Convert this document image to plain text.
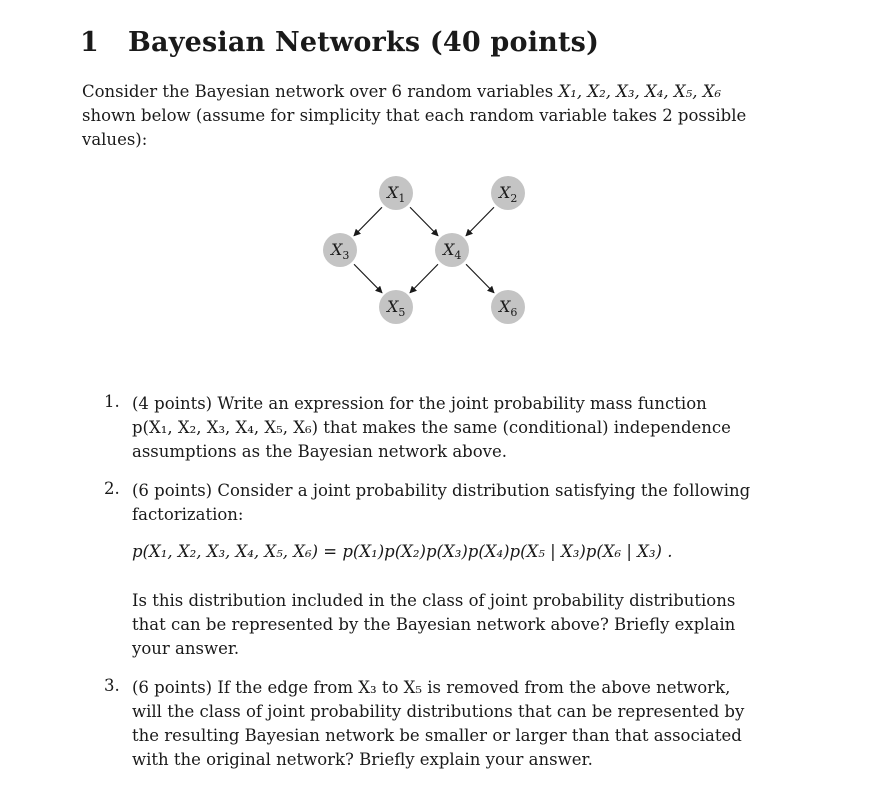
1 Bayesian Networks (40 points)
Consider the Bayesian network over 6 random variables X₁, X₂, X₃, X₄, X₅, X₆
shown below (assume for simplicity that each random variable takes 2 possible
values):
$X_1$	$X_2$
$X_3$	$X_4$
$X_5$	$X_6$
1. (4 points) Write an expression for the joint probability mass function
p(X₁, X₂, X₃, X₄, X₅, X₆) that makes the same (conditional) independence
assumptions as the Bayesian network above.
2. (6 points) Consider a joint probability distribution satisfying the following
factorization:
p(X₁, X₂, X₃, X₄, X₅, X₆) = p(X₁)p(X₂)p(X₃)p(X₄)p(X₅ | X₃)p(X₆ | X₃) .
Is this distribution included in the class of joint probability distributions
that can be represented by the Bayesian network above? Briefly explain
your answer.
3. (6 points) If the edge from X₃ to X₅ is removed from the above network,
will the class of joint probability distributions that can be represented by
the resulting Bayesian network be smaller or larger than that associated
with the original network? Briefly explain your answer.
